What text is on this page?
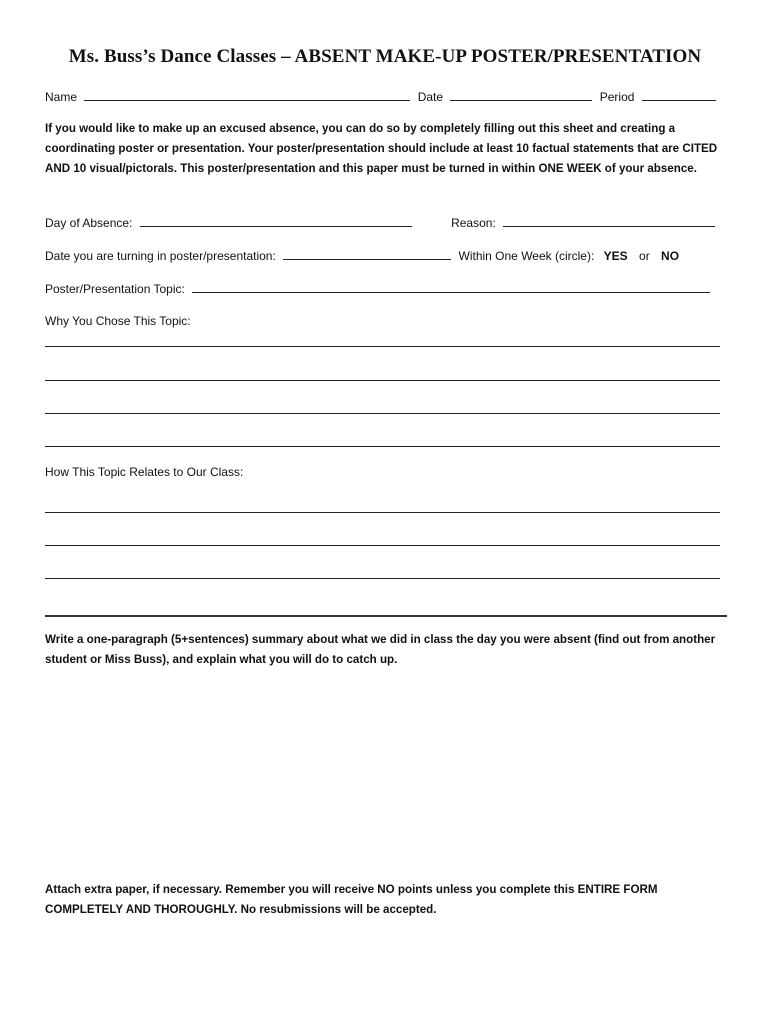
Ms. Buss’s Dance Classes – ABSENT MAKE-UP POSTER/PRESENTATION
Name	Date	Period
If you would like to make up an excused absence, you can do so by completely filling out this sheet and creating a coordinating poster or presentation. Your poster/presentation should include at least 10 factual statements that are CITED AND 10 visual/pictorals. This poster/presentation and this paper must be turned in within ONE WEEK of your absence.
Day of Absence:	Reason:
Date you are turning in poster/presentation:	Within One Week (circle): YES or NO
Poster/Presentation Topic:
Why You Chose This Topic:
How This Topic Relates to Our Class:
Write a one-paragraph (5+sentences) summary about what we did in class the day you were absent (find out from another student or Miss Buss), and explain what you will do to catch up.
Attach extra paper, if necessary. Remember you will receive NO points unless you complete this ENTIRE FORM COMPLETELY AND THOROUGHLY. No resubmissions will be accepted.
